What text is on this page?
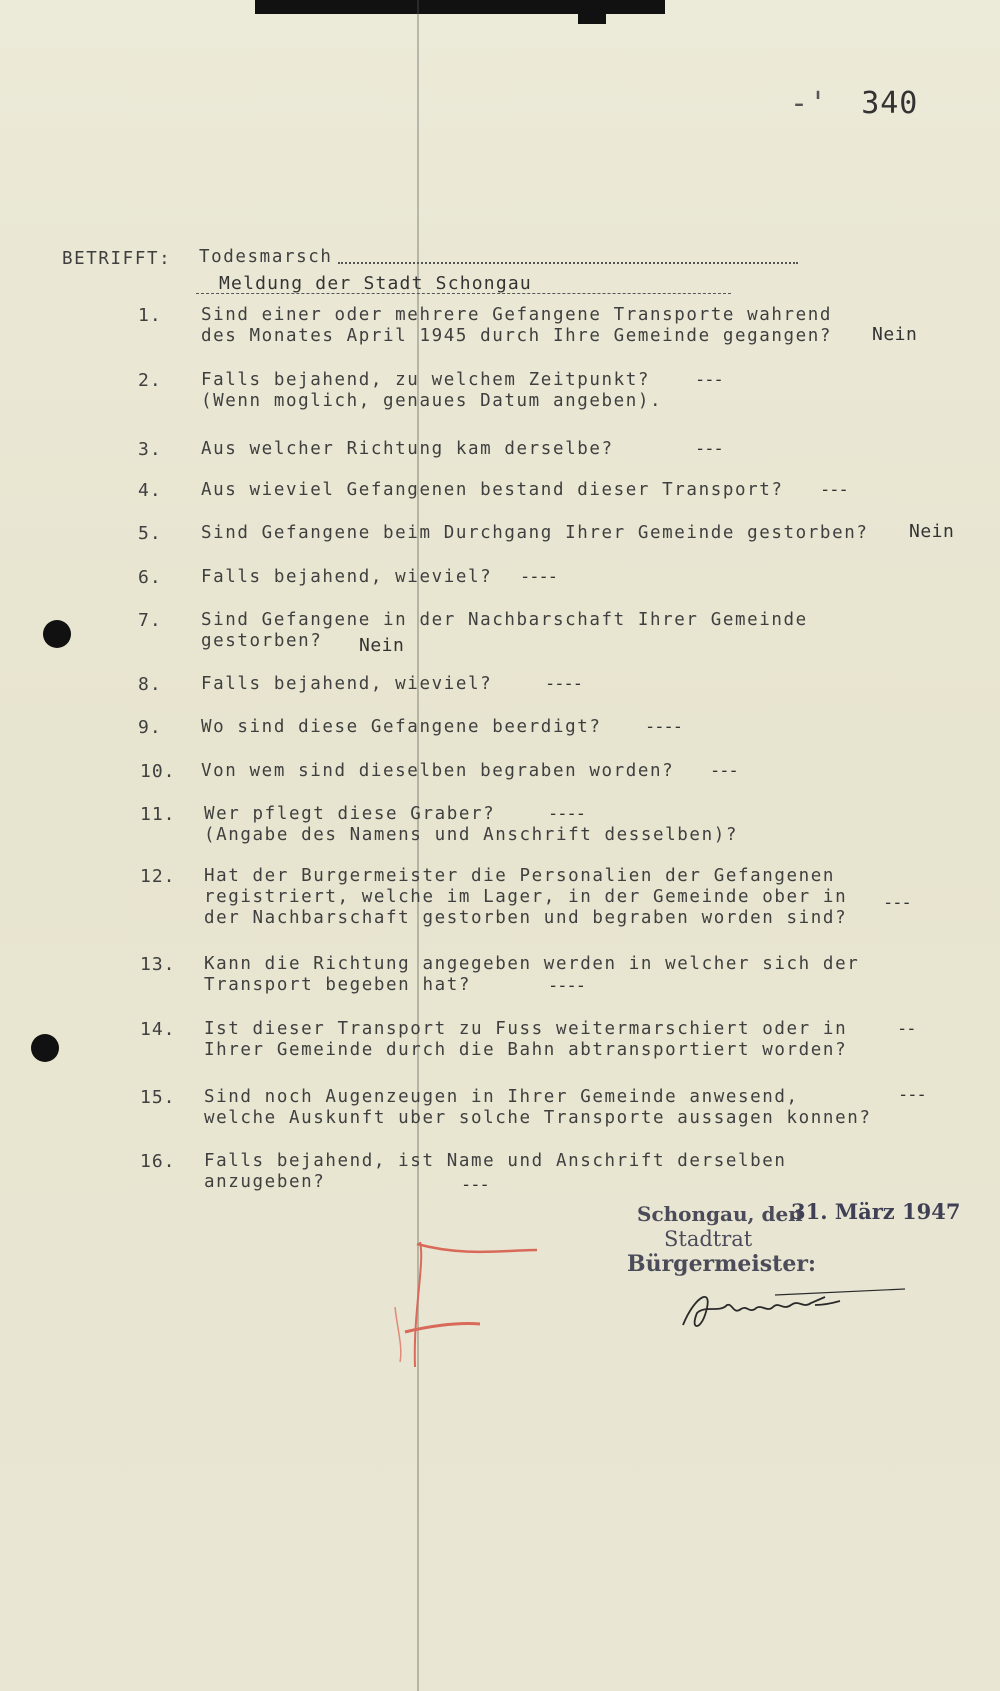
-' 340
BETRIFFT: Todesmarsch
Meldung der Stadt Schongau
1. Sind einer oder mehrere Gefangene Transporte wahrend
des Monates April 1945 durch Ihre Gemeinde gegangen? Nein
2. Falls bejahend, zu welchem Zeitpunkt?
(Wenn moglich, genaues Datum angeben).
---
3. Aus welcher Richtung kam derselbe?	---
4. Aus wieviel Gefangenen bestand dieser Transport? ---
5. Sind Gefangene beim Durchgang Ihrer Gemeinde gestorben? Nein
6. Falls bejahend, wieviel? ----
7. Sind Gefangene in der Nachbarschaft Ihrer Gemeinde
gestorben? Nein
8. Falls bejahend, wieviel?	----
9. Wo sind diese Gefangene beerdigt?	----
10. Von wem sind dieselben begraben worden? ---
11. Wer pflegt diese Graber?
(Angabe des Namens und Anschrift desselben)?
----
12. Hat der Burgermeister die Personalien der Gefangenen
registriert, welche im Lager, in der Gemeinde ober in
der Nachbarschaft gestorben und begraben worden sind?
---
13. Kann die Richtung angegeben werden in welcher sich der
Transport begeben hat?	----
14. Ist dieser Transport zu Fuss weitermarschiert oder in
Ihrer Gemeinde durch die Bahn abtransportiert worden?
--
15. Sind noch Augenzeugen in Ihrer Gemeinde anwesend,
welche Auskunft uber solche Transporte aussagen konnen?
---
16. Falls bejahend, ist Name und Anschrift derselben
anzugeben?	---
Schongau, den
31. März 1947
Stadtrat
Bürgermeister:
